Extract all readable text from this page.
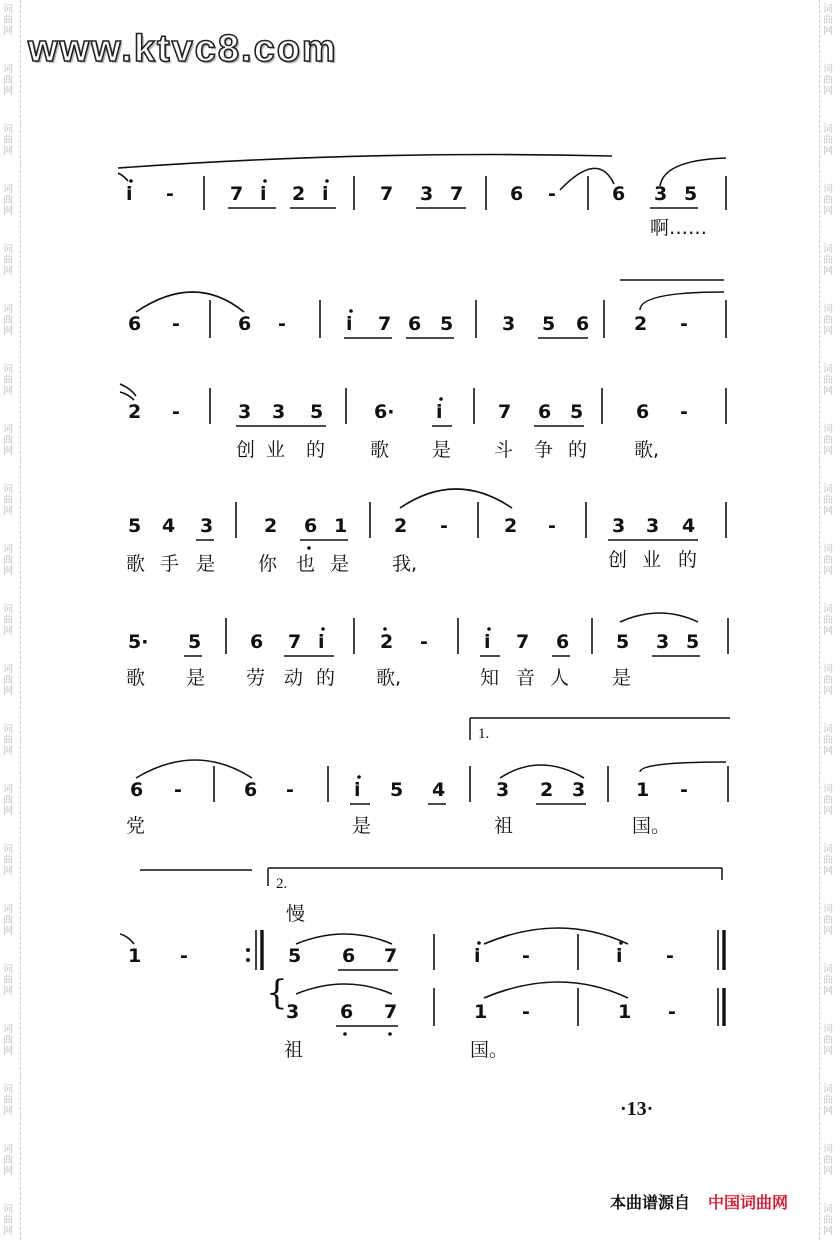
词
曲
网
词
曲
网
词
曲
网
词
曲
网
词
曲
网
词
曲
网
词
曲
网
词
曲
网
词
曲
网
词
曲
网
词
曲
网
词
曲
网
词
曲
网
词
曲
网
词
曲
网
词
曲
网
词
曲
网
词
曲
网
词
曲
网
词
曲
网
词
曲
网
词
曲
网
词
曲
网
词
曲
网
词
曲
网
词
曲
网
词
曲
网
词
曲
网
词
曲
网
词
曲
网
词
曲
网
词
曲
网
词
曲
网
词
曲
网
词
曲
网
词
曲
网
词
曲
网
词
曲
网
词
曲
网
词
曲
网
词
曲
网
词
曲
网
www.ktvc8.com
i -	7 i 2 i	7 3 7 6 -	6 3 5
啊……
6 -	6 -	i 7 6 5	3 5 6 2 -
2 -	3 3 5	6· i	7 6 5	6 -
创 业 的 歌 是 斗 争 的 歌,
5 4 3	2 6 1 2 -	2 -	3 3 4
歌 手 是 你 也 是 我,	创 业 的
5· 5	6 7 i	2 -	i 7 6 5 3 5
歌 是 劳 动 的 歌,	知 音 人 是
1.
6 -	6 -	i 5 4	3 2 3	1 -
党	是	祖	国。
2.
慢
1 -
{
5 6 7	i -	i -
3 6 7	1 -	1 -
祖	国。
·13·
本曲谱源自 中国词曲网
